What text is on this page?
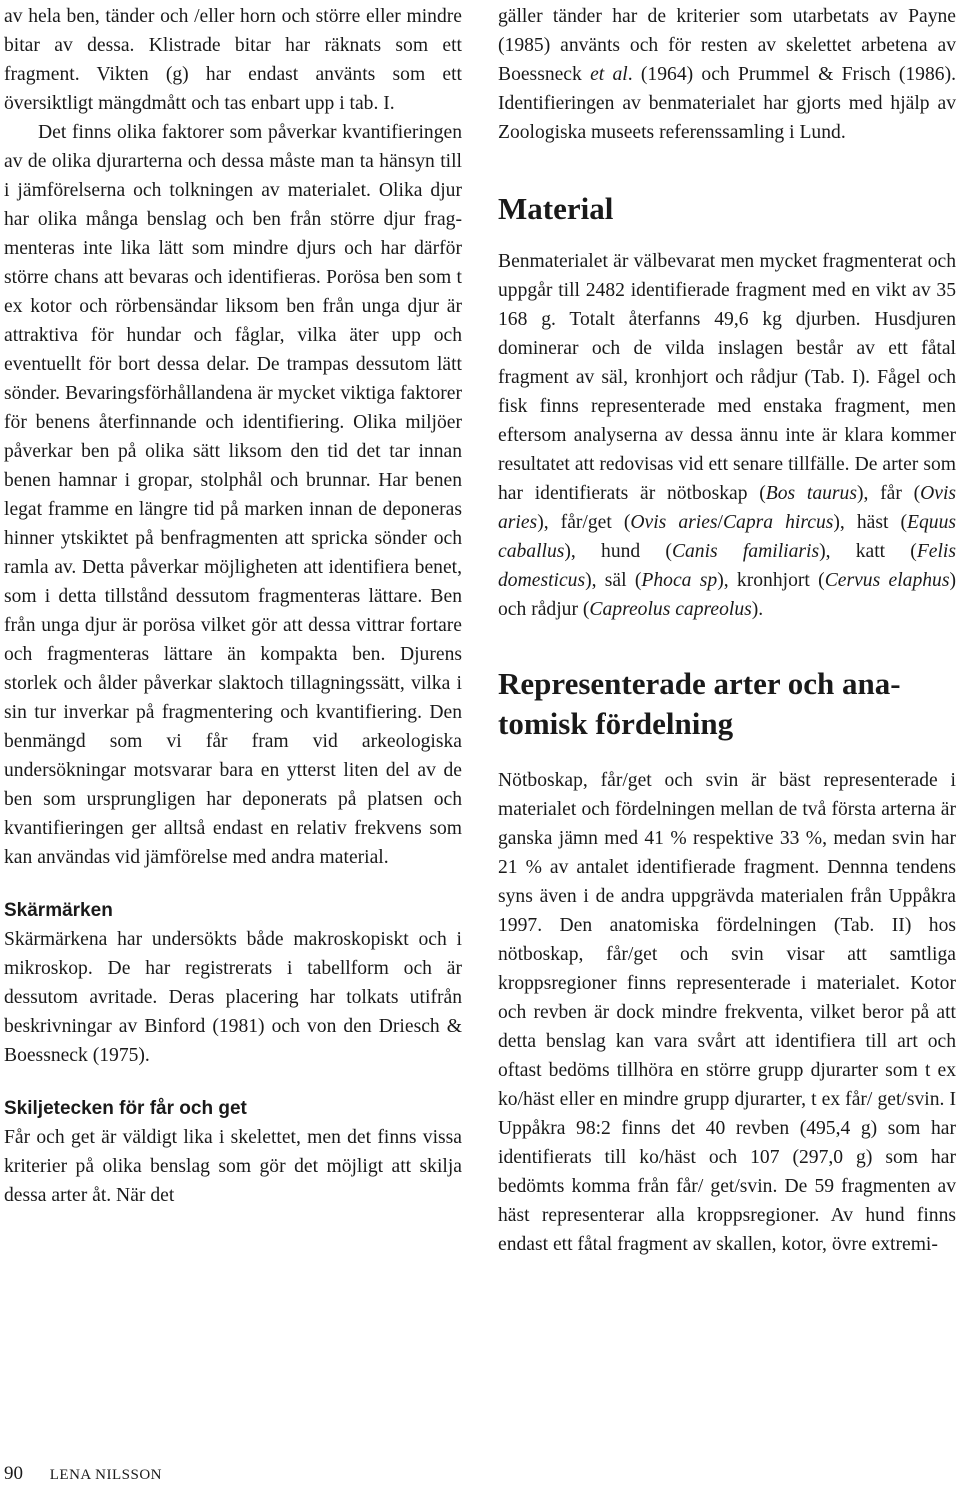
av hela ben, tänder och /eller horn och större eller mindre bitar av dessa. Klistrade bitar har räknats som ett fragment. Vikten (g) har endast använts som ett översiktligt mängdmått och tas enbart upp i tab. I.

Det finns olika faktorer som påverkar kvantifieringen av de olika djurarterna och dessa måste man ta hänsyn till i jämförelserna och tolkningen av materialet. Olika djur har olika många benslag och ben från större djur fragmenteras inte lika lätt som mindre djurs och har därför större chans att bevaras och identifieras. Porösa ben som t ex kotor och rörbensändar liksom ben från unga djur är attraktiva för hundar och fåglar, vilka äter upp och eventuellt för bort dessa delar. De trampas dessutom lätt sönder. Bevaringsförhållandena är mycket viktiga faktorer för benens återfinnande och identifiering. Olika miljöer påverkar ben på olika sätt liksom den tid det tar innan benen hamnar i gropar, stolphål och brunnar. Har benen legat framme en längre tid på marken innan de deponeras hinner ytskiktet på benfragmenten att spricka sönder och ramla av. Detta påverkar möjligheten att identifiera benet, som i detta tillstånd dessutom fragmenteras lättare. Ben från unga djur är porösa vilket gör att dessa vittrar fortare och fragmenteras lättare än kompakta ben. Djurens storlek och ålder påverkar slaktoch tillagningssätt, vilka i sin tur inverkar på fragmentering och kvantifiering. Den benmängd som vi får fram vid arkeologiska undersökningar motsvarar bara en ytterst liten del av de ben som ursprungligen har deponerats på platsen och kvantifieringen ger alltså endast en relativ frekvens som kan användas vid jämförelse med andra material.

Skärmärken

Skärmärkena har undersökts både makroskopiskt och i mikroskop. De har registrerats i tabellform och är dessutom avritade. Deras placering har tolkats utifrån beskrivningar av Binford (1981) och von den Driesch & Boessneck (1975).

Skiljetecken för får och get

Får och get är väldigt lika i skelettet, men det finns vissa kriterier på olika benslag som gör det möjligt att skilja dessa arter åt. När det

gäller tänder har de kriterier som utarbetats av Payne (1985) använts och för resten av skelettet arbetena av Boessneck et al. (1964) och Prummel & Frisch (1986). Identifieringen av benmaterialet har gjorts med hjälp av Zoologiska museets referenssamling i Lund.

Material

Benmaterialet är välbevarat men mycket fragmenterat och uppgår till 2482 identifierade fragment med en vikt av 35 168 g. Totalt återfanns 49,6 kg djurben. Husdjuren dominerar och de vilda inslagen består av ett fåtal fragment av säl, kronhjort och rådjur (Tab. I). Fågel och fisk finns representerade med enstaka fragment, men eftersom analyserna av dessa ännu inte är klara kommer resultatet att redovisas vid ett senare tillfälle. De arter som har identifierats är nötboskap (Bos taurus), får (Ovis aries), får/get (Ovis aries/Capra hircus), häst (Equus caballus), hund (Canis familiaris), katt (Felis domesticus), säl (Phoca sp), kronhjort (Cervus elaphus) och rådjur (Capreolus capreolus).

Representerade arter och anatomisk fördelning

Nötboskap, får/get och svin är bäst representerade i materialet och fördelningen mellan de två första arterna är ganska jämn med 41 % respektive 33 %, medan svin har 21 % av antalet identifierade fragment. Dennna tendens syns även i de andra uppgrävda materialen från Uppåkra 1997. Den anatomiska fördelningen (Tab. II) hos nötboskap, får/get och svin visar att samtliga kroppsregioner finns representerade i materialet. Kotor och revben är dock mindre frekventa, vilket beror på att detta benslag kan vara svårt att identifiera till art och oftast bedöms tillhöra en större grupp djurarter som t ex ko/häst eller en mindre grupp djurarter, t ex får/ get/svin. I Uppåkra 98:2 finns det 40 revben (495,4 g) som har identifierats till ko/häst och 107 (297,0 g) som har bedömts komma från får/ get/svin. De 59 fragmenten av häst representerar alla kroppsregioner. Av hund finns endast ett fåtal fragment av skallen, kotor, övre extremi-

90 LENA NILSSON
